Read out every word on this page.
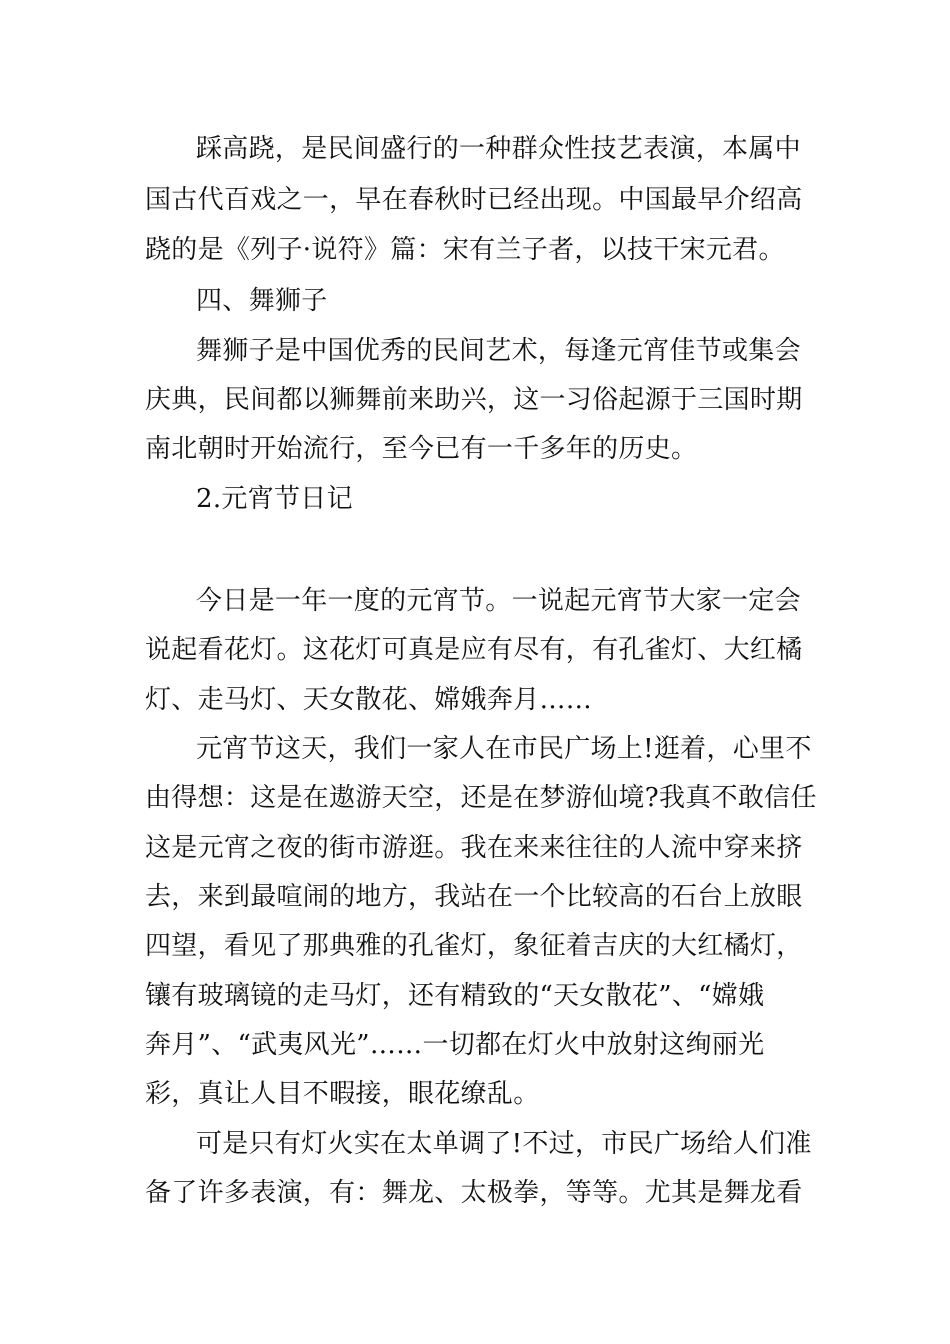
踩高跷，是民间盛行的一种群众性技艺表演，本属中
国古代百戏之一，早在春秋时已经出现。中国最早介绍高
跷的是《列子·说符》篇：宋有兰子者，以技干宋元君。
四、舞狮子
舞狮子是中国优秀的民间艺术，每逢元宵佳节或集会
庆典，民间都以狮舞前来助兴，这一习俗起源于三国时期
南北朝时开始流行，至今已有一千多年的历史。
2.元宵节日记
今日是一年一度的元宵节。一说起元宵节大家一定会
说起看花灯。这花灯可真是应有尽有，有孔雀灯、大红橘
灯、走马灯、天女散花、嫦娥奔月……
元宵节这天，我们一家人在市民广场上!逛着，心里不
由得想：这是在遨游天空，还是在梦游仙境?我真不敢信任
这是元宵之夜的街市游逛。我在来来往往的人流中穿来挤
去，来到最喧闹的地方，我站在一个比较高的石台上放眼
四望，看见了那典雅的孔雀灯，象征着吉庆的大红橘灯，
镶有玻璃镜的走马灯，还有精致的“天女散花”、“嫦娥
奔月”、“武夷风光”……一切都在灯火中放射这绚丽光
彩，真让人目不暇接，眼花缭乱。
可是只有灯火实在太单调了!不过，市民广场给人们准
备了许多表演，有：舞龙、太极拳，等等。尤其是舞龙看
